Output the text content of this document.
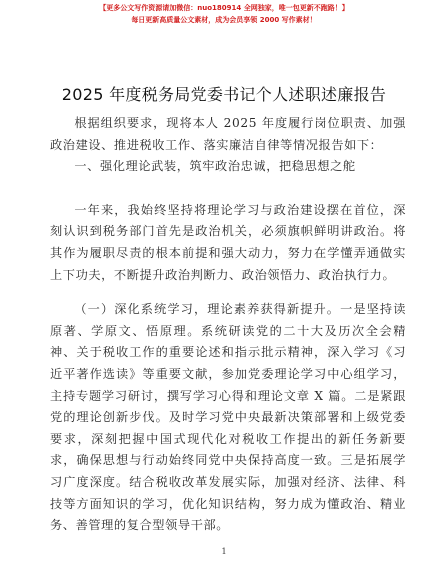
【更多公文写作资源请加微信：nuo180914 全网独家，唯一包更新不跑路！】
每日更新高质量公文素材，成为会员享领 2000 写作素材！
2025 年度税务局党委书记个人述职述廉报告

根据组织要求，现将本人 2025 年度履行岗位职责、加强政治建设、推进税收工作、落实廉洁自律等情况报告如下：

一、强化理论武装，筑牢政治忠诚，把稳思想之舵

一年来，我始终坚持将理论学习与政治建设摆在首位，深刻认识到税务部门首先是政治机关，必须旗帜鲜明讲政治。将其作为履职尽责的根本前提和强大动力，努力在学懂弄通做实上下功夫，不断提升政治判断力、政治领悟力、政治执行力。

（一）深化系统学习，理论素养获得新提升。一是坚持读原著、学原文、悟原理。系统研读党的二十大及历次全会精神、关于税收工作的重要论述和指示批示精神，深入学习《习近平著作选读》等重要文献，参加党委理论学习中心组学习，主持专题学习研讨，撰写学习心得和理论文章 X 篇。二是紧跟党的理论创新步伐。及时学习党中央最新决策部署和上级党委要求，深刻把握中国式现代化对税收工作提出的新任务新要求，确保思想与行动始终同党中央保持高度一致。三是拓展学习广度深度。结合税收改革发展实际，加强对经济、法律、科技等方面知识的学习，优化知识结构，努力成为懂政治、精业务、善管理的复合型领导干部。

1
